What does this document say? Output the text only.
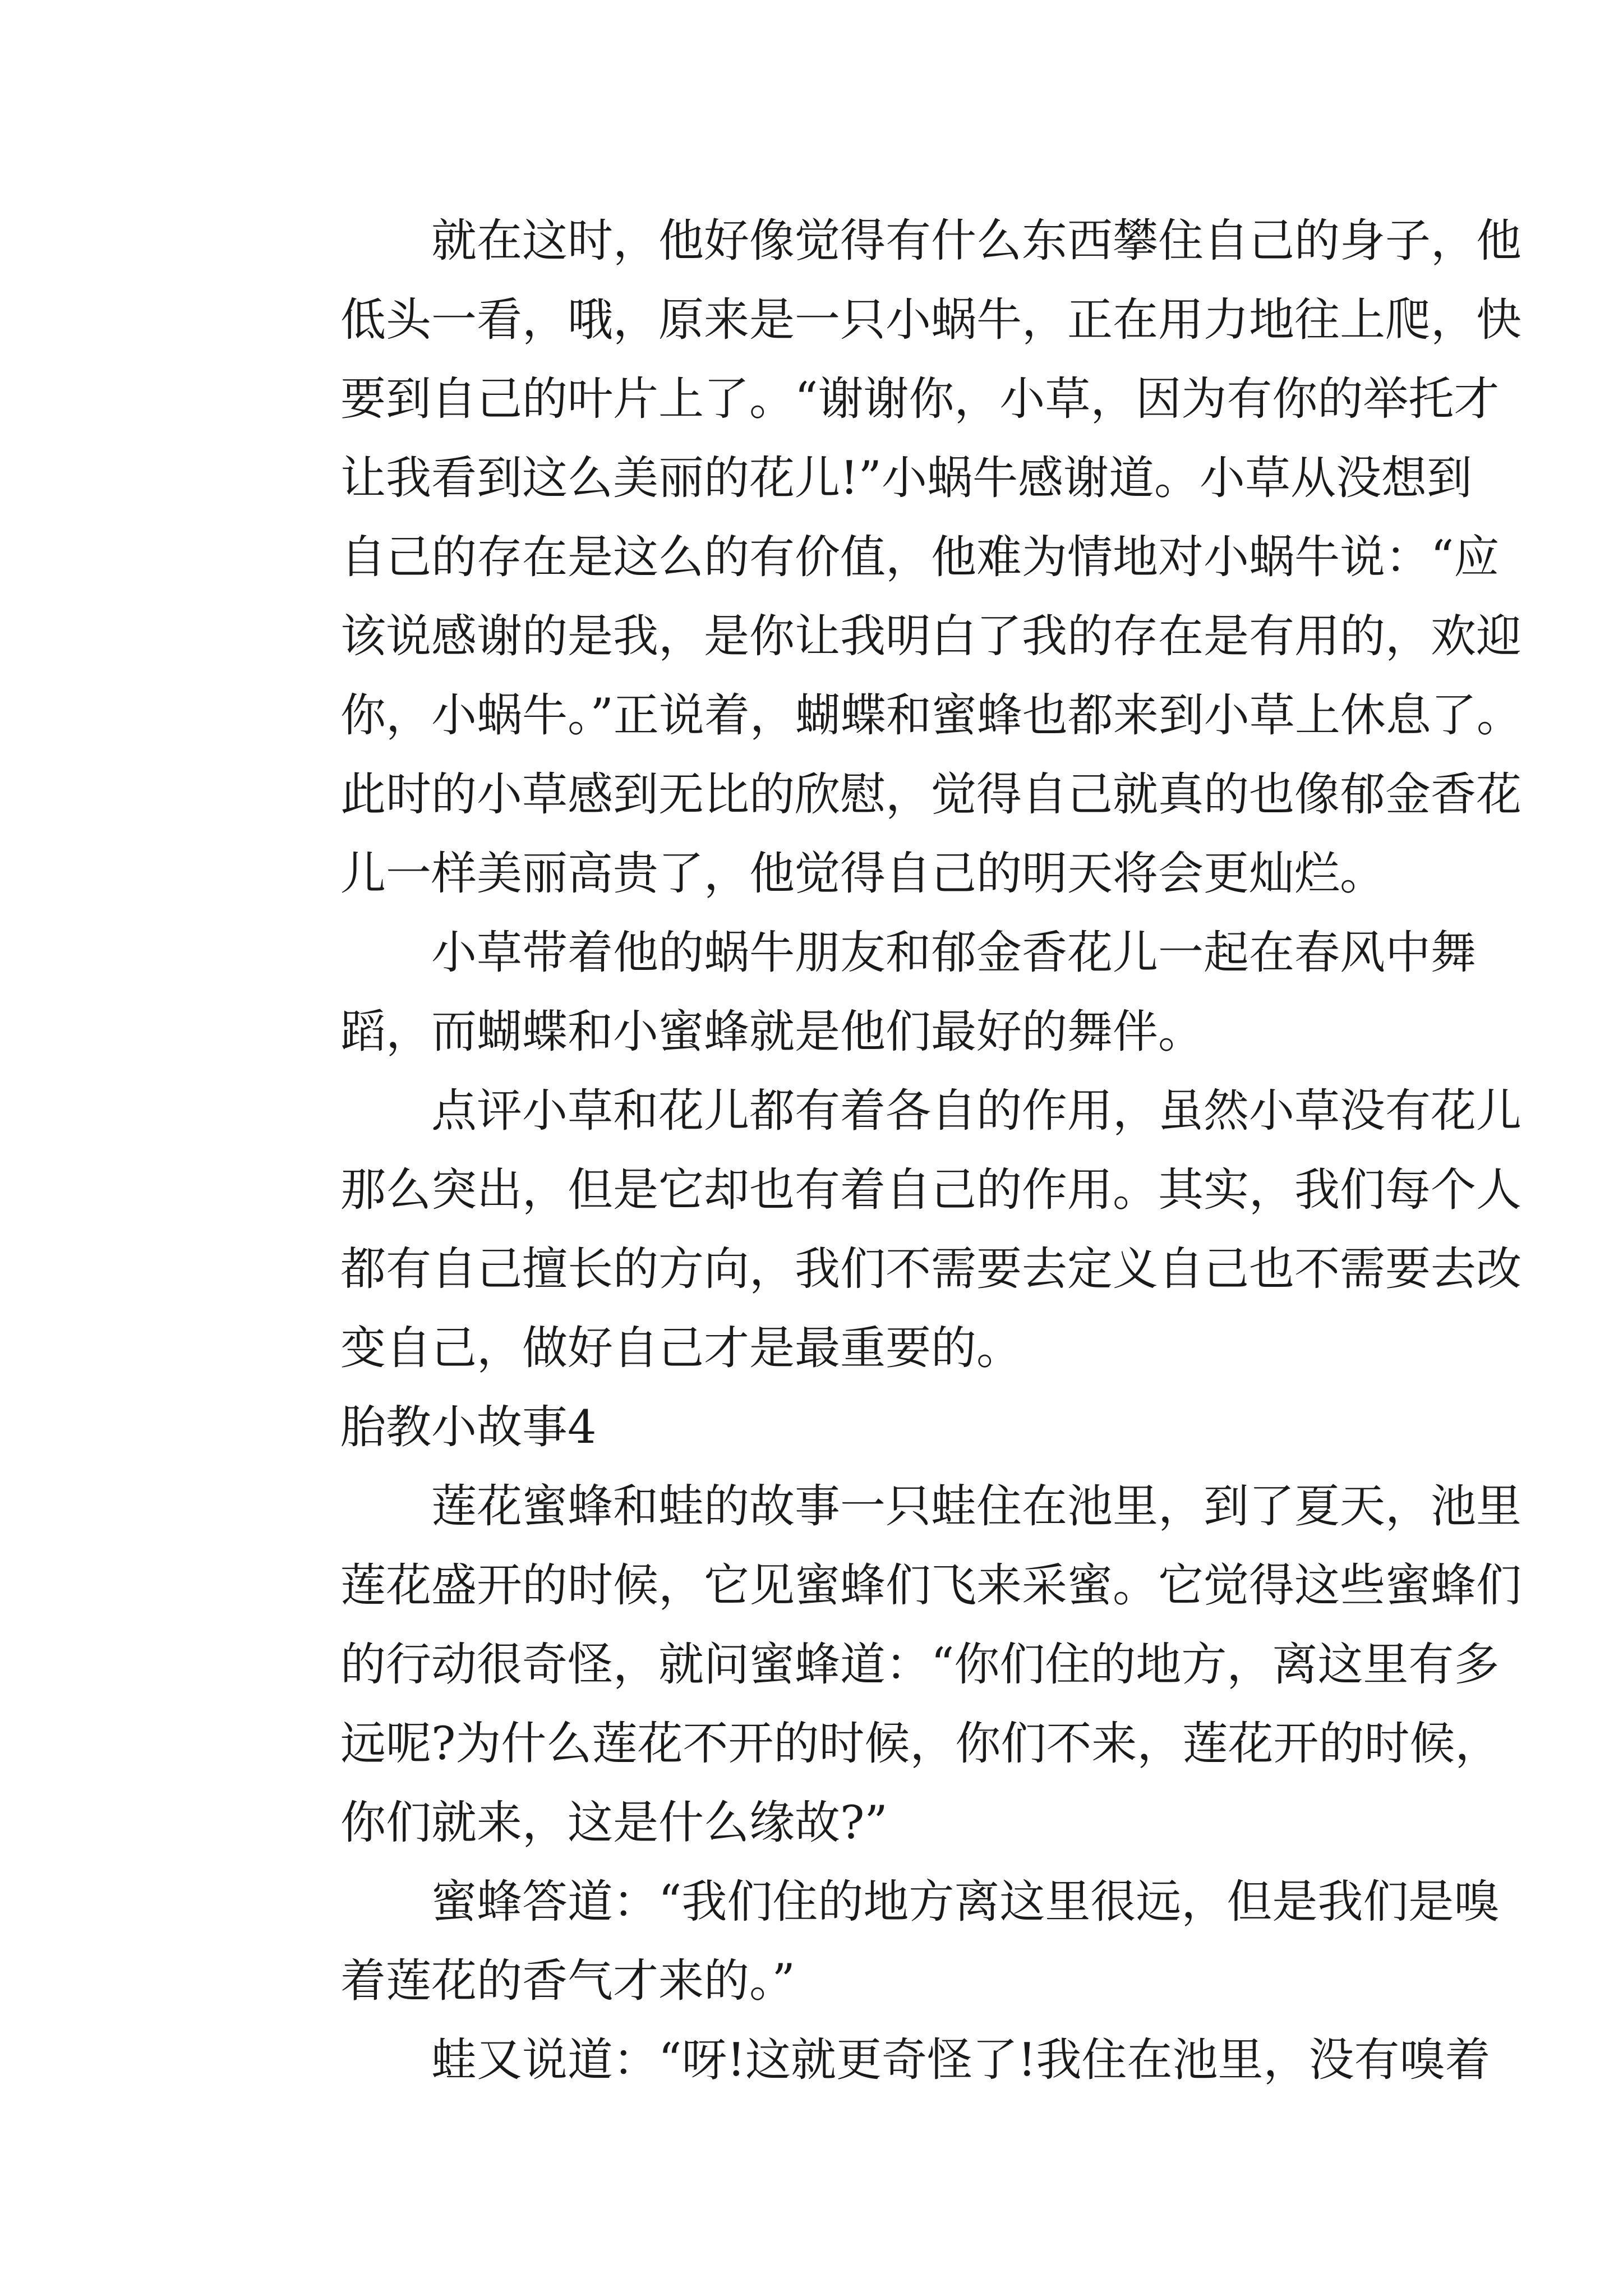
就在这时，他好像觉得有什么东西攀住自己的身子，他
低头一看，哦，原来是一只小蜗牛，正在用力地往上爬，快
要到自己的叶片上了。“谢谢你，小草，因为有你的举托才
让我看到这么美丽的花儿!”小蜗牛感谢道。小草从没想到
自己的存在是这么的有价值，他难为情地对小蜗牛说：“应
该说感谢的是我，是你让我明白了我的存在是有用的，欢迎
你，小蜗牛。”正说着，蝴蝶和蜜蜂也都来到小草上休息了。
此时的小草感到无比的欣慰，觉得自己就真的也像郁金香花
儿一样美丽高贵了，他觉得自己的明天将会更灿烂。

小草带着他的蜗牛朋友和郁金香花儿一起在春风中舞
蹈，而蝴蝶和小蜜蜂就是他们最好的舞伴。

点评小草和花儿都有着各自的作用，虽然小草没有花儿
那么突出，但是它却也有着自己的作用。其实，我们每个人
都有自己擅长的方向，我们不需要去定义自己也不需要去改
变自己，做好自己才是最重要的。

胎教小故事4

莲花蜜蜂和蛙的故事一只蛙住在池里，到了夏天，池里
莲花盛开的时候，它见蜜蜂们飞来采蜜。它觉得这些蜜蜂们
的行动很奇怪，就问蜜蜂道：“你们住的地方，离这里有多
远呢?为什么莲花不开的时候，你们不来，莲花开的时候，
你们就来，这是什么缘故?”

蜜蜂答道：“我们住的地方离这里很远，但是我们是嗅
着莲花的香气才来的。”

蛙又说道：“呀!这就更奇怪了!我住在池里，没有嗅着
